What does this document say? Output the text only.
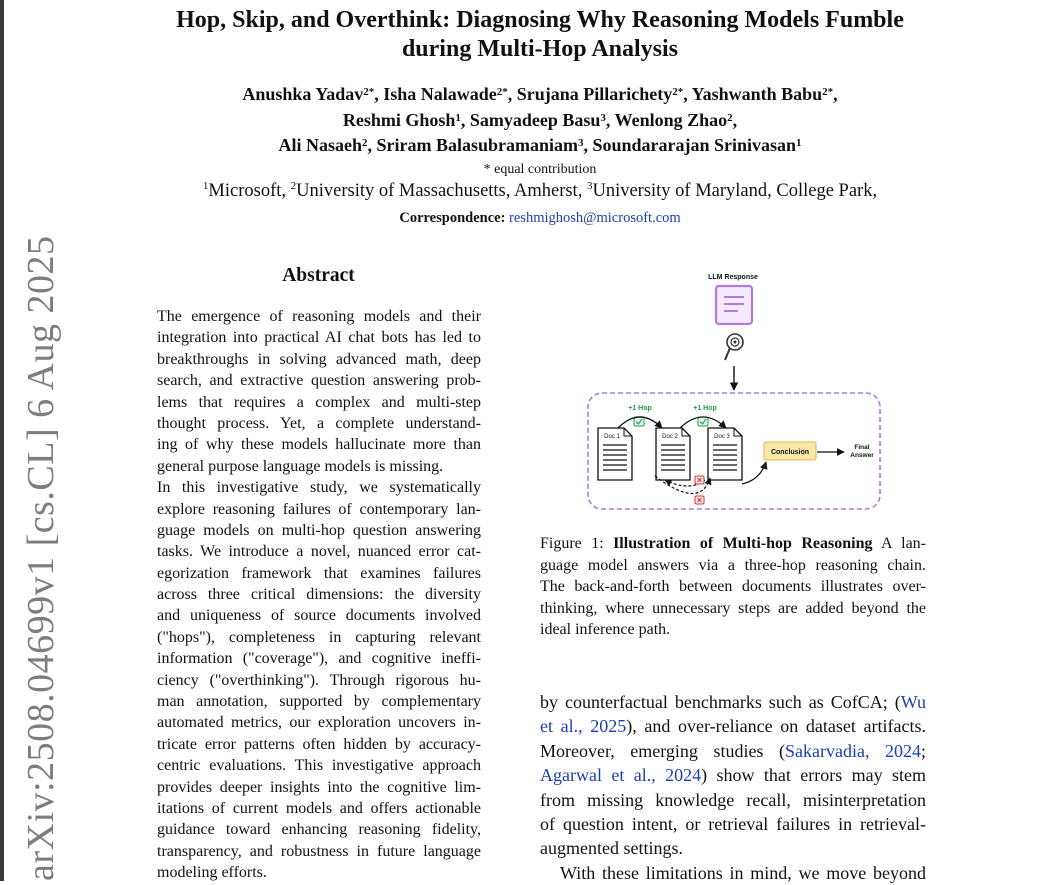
arXiv:2508.04699v1 [cs.CL] 6 Aug 2025
Hop, Skip, and Overthink: Diagnosing Why Reasoning Models Fumble
during Multi-Hop Analysis
Anushka Yadav$^{2*}$, Isha Nalawade$^{2*}$, Srujana Pillarichety$^{2*}$, Yashwanth Babu$^{2*}$,
Reshmi Ghosh$^1$, Samyadeep Basu$^3$, Wenlong Zhao$^2$,
Ali Nasaeh$^2$, Sriram Balasubramaniam$^3$, Soundararajan Srinivasan$^1$
* equal contribution
$^1$Microsoft, $^2$University of Massachusetts, Amherst, $^3$University of Maryland, College Park,
Correspondence: reshmighosh@microsoft.com
Abstract
The emergence of reasoning models and their
integration into practical AI chat bots has led to
breakthroughs in solving advanced math, deep
search, and extractive question answering prob-
lems that requires a complex and multi-step
thought process. Yet, a complete understand-
ing of why these models hallucinate more than
general purpose language models is missing.
In this investigative study, we systematically
explore reasoning failures of contemporary lan-
guage models on multi-hop question answering
tasks. We introduce a novel, nuanced error cat-
egorization framework that examines failures
across three critical dimensions: the diversity
and uniqueness of source documents involved
("hops"), completeness in capturing relevant
information ("coverage"), and cognitive ineffi-
ciency ("overthinking"). Through rigorous hu-
man annotation, supported by complementary
automated metrics, our exploration uncovers in-
tricate error patterns often hidden by accuracy-
centric evaluations. This investigative approach
provides deeper insights into the cognitive lim-
itations of current models and offers actionable
guidance toward enhancing reasoning fidelity,
transparency, and robustness in future language
modeling efforts.
LLM Response
+1 Hop	+1 Hop
Doc 1	Doc 2	Doc 3
Conclusion
Final
Answer
Figure 1: Illustration of Multi-hop Reasoning A lan-
guage model answers via a three-hop reasoning chain.
The back-and-forth between documents illustrates over-
thinking, where unnecessary steps are added beyond the
ideal inference path.
by counterfactual benchmarks such as CofCA; (Wu
et al., 2025), and over-reliance on dataset artifacts.
Moreover, emerging studies (Sakarvadia, 2024;
Agarwal et al., 2024) show that errors may stem
from missing knowledge recall, misinterpretation
of question intent, or retrieval failures in retrieval-
augmented settings.
With these limitations in mind, we move beyond
